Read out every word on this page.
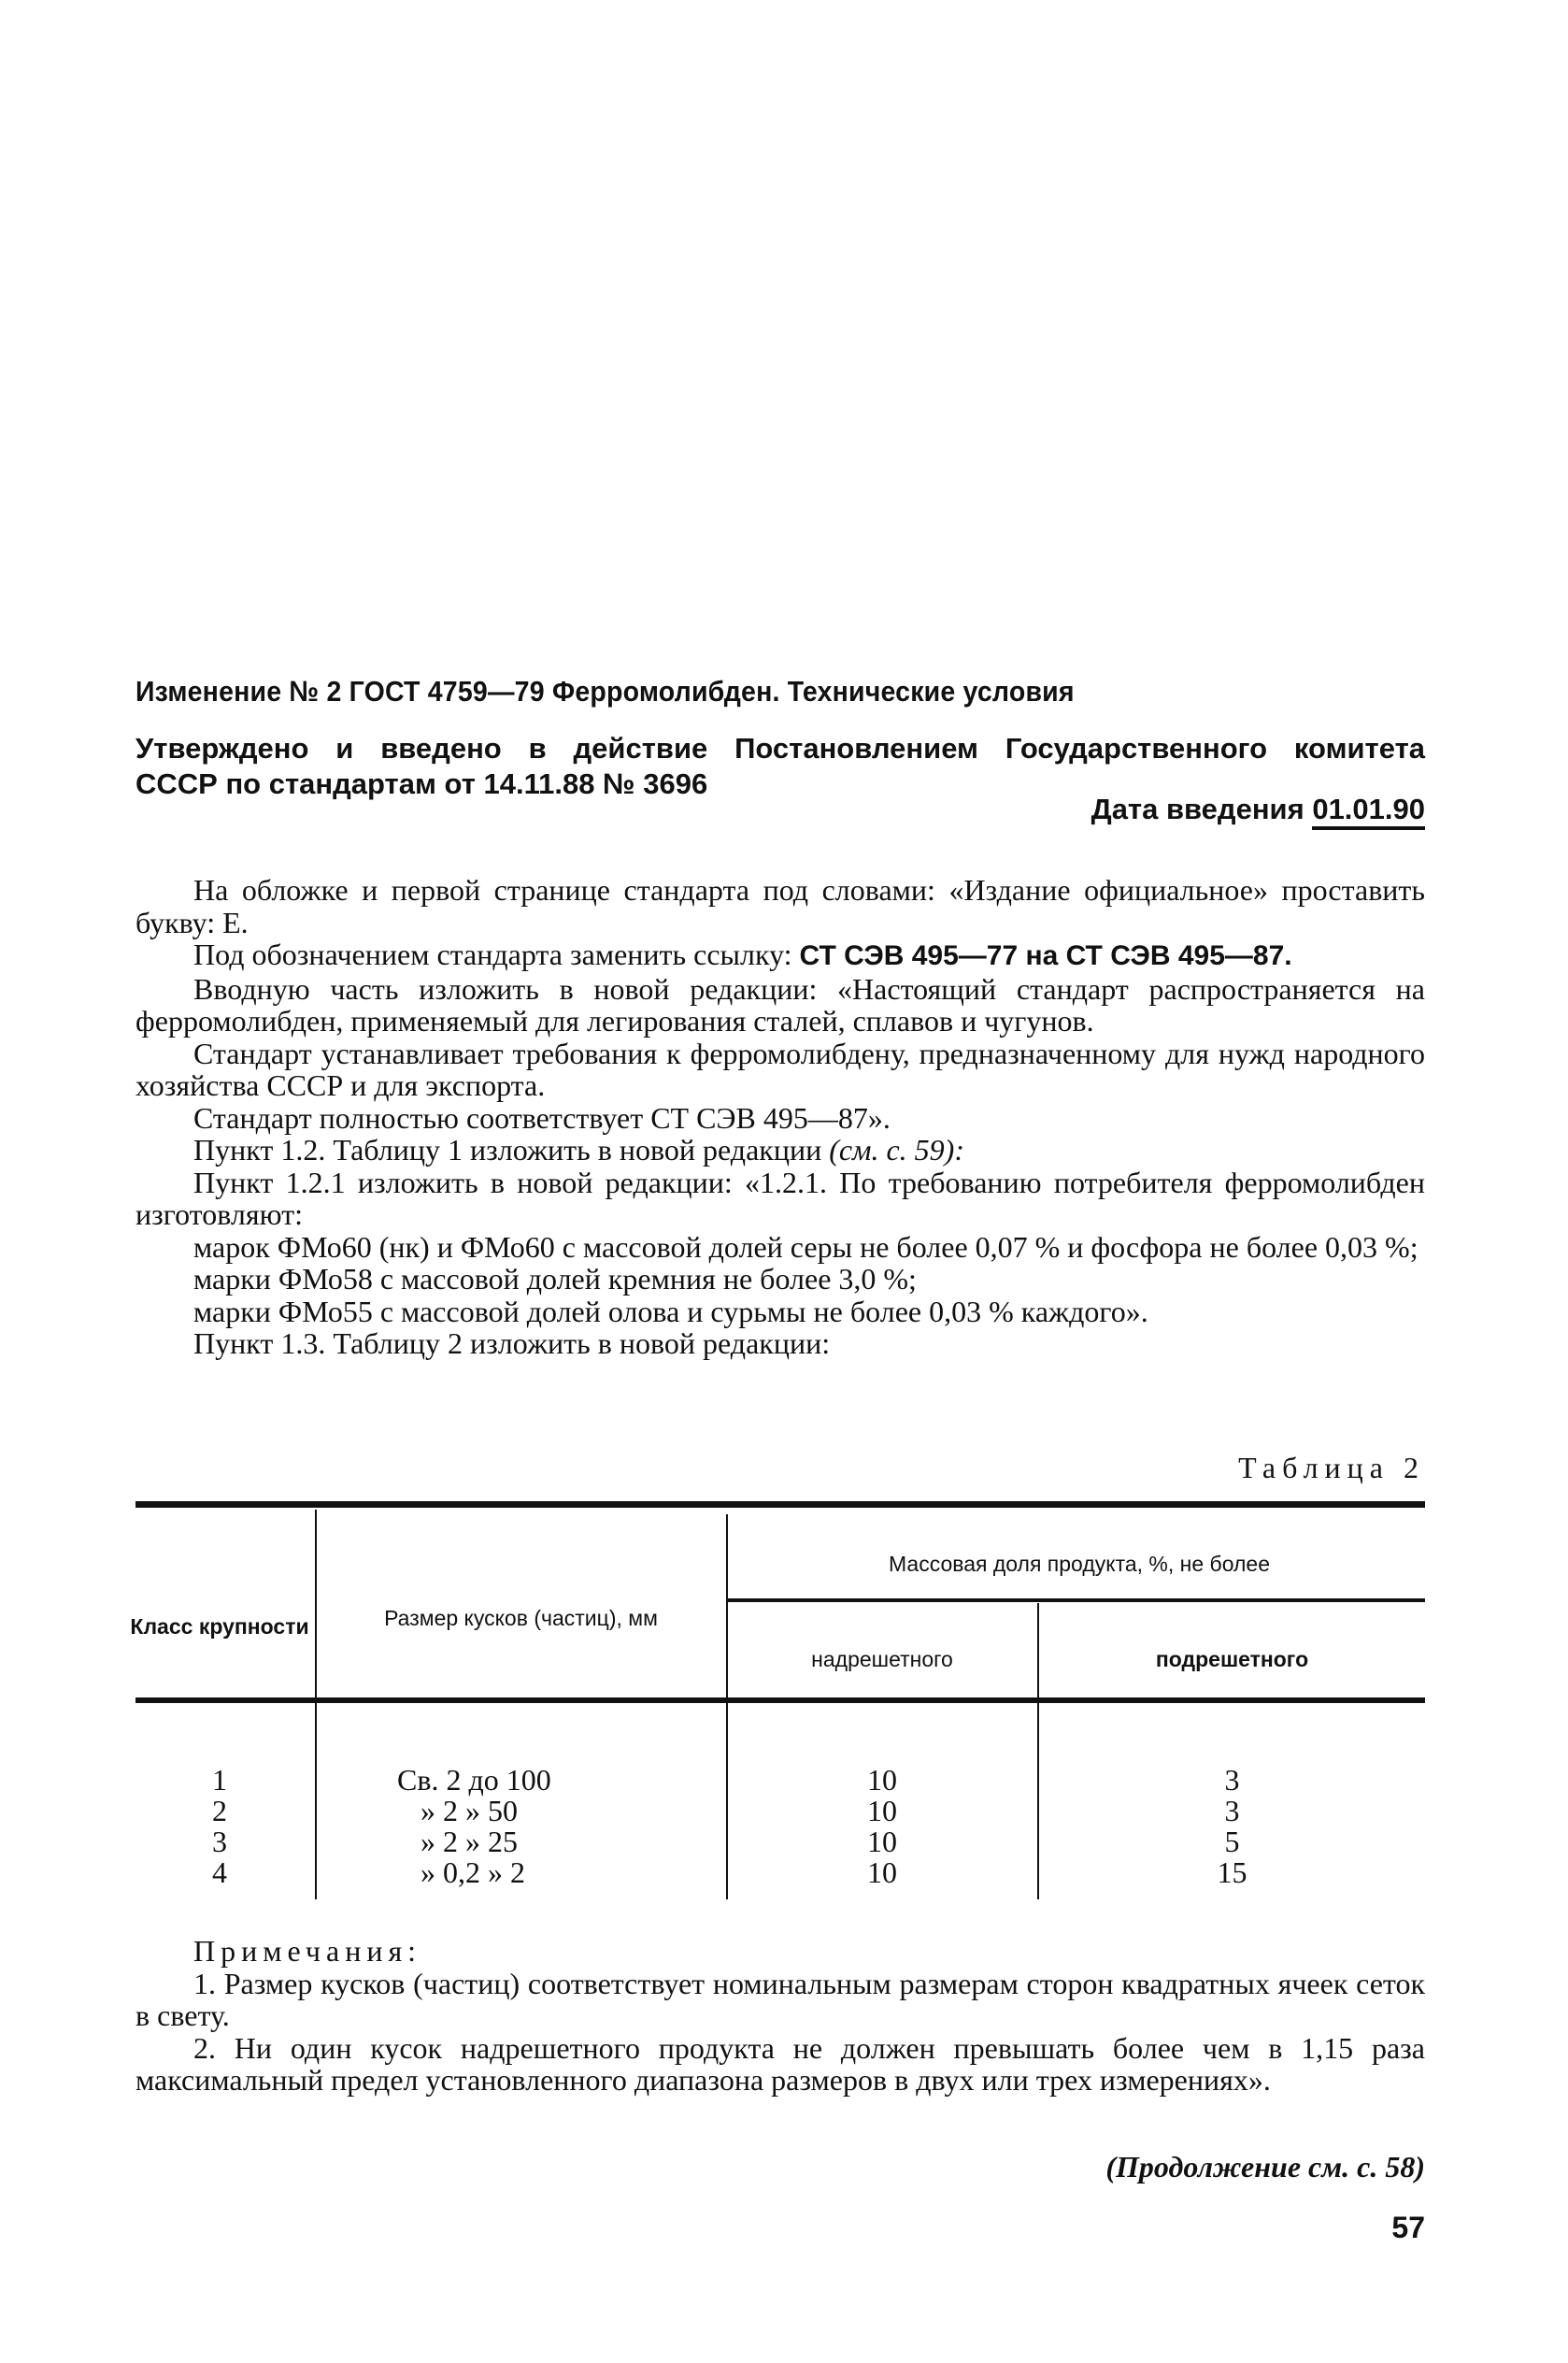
Изменение № 2 ГОСТ 4759—79 Ферромолибден. Технические условия
Утверждено и введено в действие Постановлением Государственного комитета
СССР по стандартам от 14.11.88 № 3696
Дата введения 01.01.90

На обложке и первой странице стандарта под словами: «Издание официальное» проставить букву: Е.

Под обозначением стандарта заменить ссылку: СТ СЭВ 495—77 на СТ СЭВ 495—87.

Вводную часть изложить в новой редакции: «Настоящий стандарт распространяется на ферромолибден, применяемый для легирования сталей, сплавов и чугунов.

Стандарт устанавливает требования к ферромолибдену, предназначенному для нужд народного хозяйства СССР и для экспорта.

Стандарт полностью соответствует СТ СЭВ 495—87».

Пункт 1.2. Таблицу 1 изложить в новой редакции (см. с. 59):

Пункт 1.2.1 изложить в новой редакции: «1.2.1. По требованию потребителя ферромолибден изготовляют:

марок ФМо60 (нк) и ФМо60 с массовой долей серы не более 0,07 % и фосфора не более 0,03 %;

марки ФМо58 с массовой долей кремния не более 3,0 %;

марки ФМо55 с массовой долей олова и сурьмы не более 0,03 % каждого».

Пункт 1.3. Таблицу 2 изложить в новой редакции:

Таблица 2
Класс крупности	Размер кусков (частиц), мм
Массовая доля продукта, %, не более
надрешетного	подрешетного
1	Св. 2 до 100	10	3
2	» 2 » 50	10	3
3	» 2 » 25	10	5
4	» 0,2 » 2	10	15

Примечания:

1. Размер кусков (частиц) соответствует номинальным размерам сторон квадратных ячеек сеток в свету.

2. Ни один кусок надрешетного продукта не должен превышать более чем в 1,15 раза максимальный предел установленного диапазона размеров в двух или трех измерениях».

(Продолжение см. с. 58)
57
